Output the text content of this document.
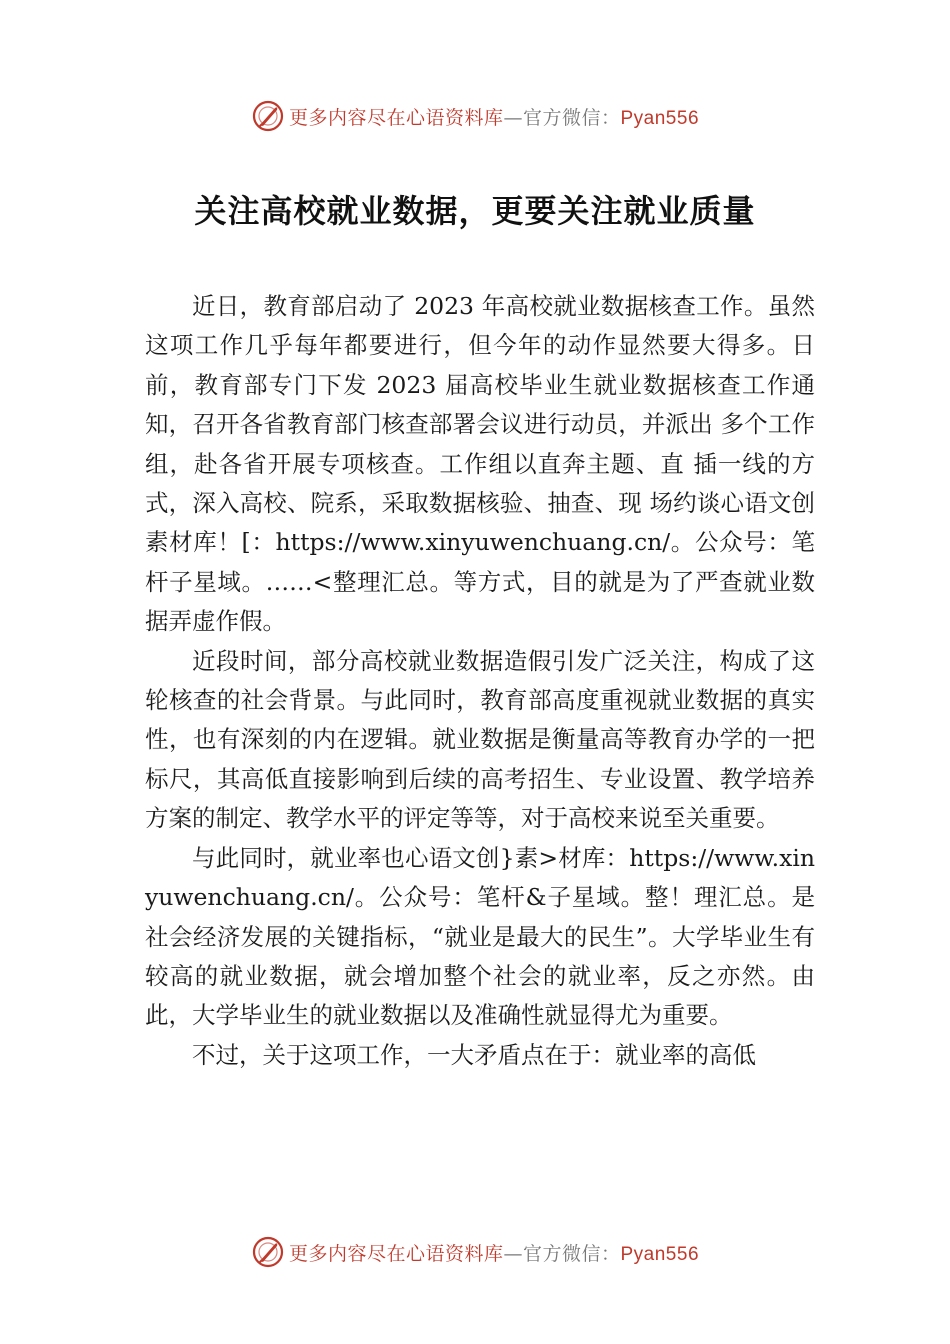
更多内容尽在心语资料库—官方微信：Pyan556
关注高校就业数据，更要关注就业质量

近日，教育部启动了 2023 年高校就业数据核查工作。虽然这项工作几乎每年都要进行，但今年的动作显然要大得多。日前，教育部专门下发 2023 届高校毕业生就业数据核查工作通知，召开各省教育部门核查部署会议进行动员，并派出 多个工作组，赴各省开展专项核查。工作组以直奔主题、直 插一线的方式，深入高校、院系，采取数据核验、抽查、现 场约谈心语文创素材库！[：https://www.xinyuwenchuang.cn/。公众号：笔杆子星域。……<整理汇总。等方式，目的就是为了严查就业数据弄虚作假。

近段时间，部分高校就业数据造假引发广泛关注，构成了这轮核查的社会背景。与此同时，教育部高度重视就业数据的真实性，也有深刻的内在逻辑。就业数据是衡量高等教育办学的一把标尺，其高低直接影响到后续的高考招生、专业设置、教学培养方案的制定、教学水平的评定等等，对于高校来说至关重要。

与此同时，就业率也心语文创}素>材库：https://www.xinyuwenchuang.cn/。公众号：笔杆&子星域。整！理汇总。是社会经济发展的关键指标，“就业是最大的民生”。大学毕业生有较高的就业数据，就会增加整个社会的就业率，反之亦然。由此，大学毕业生的就业数据以及准确性就显得尤为重要。

不过，关于这项工作，一大矛盾点在于：就业率的高低

更多内容尽在心语资料库—官方微信：Pyan556
